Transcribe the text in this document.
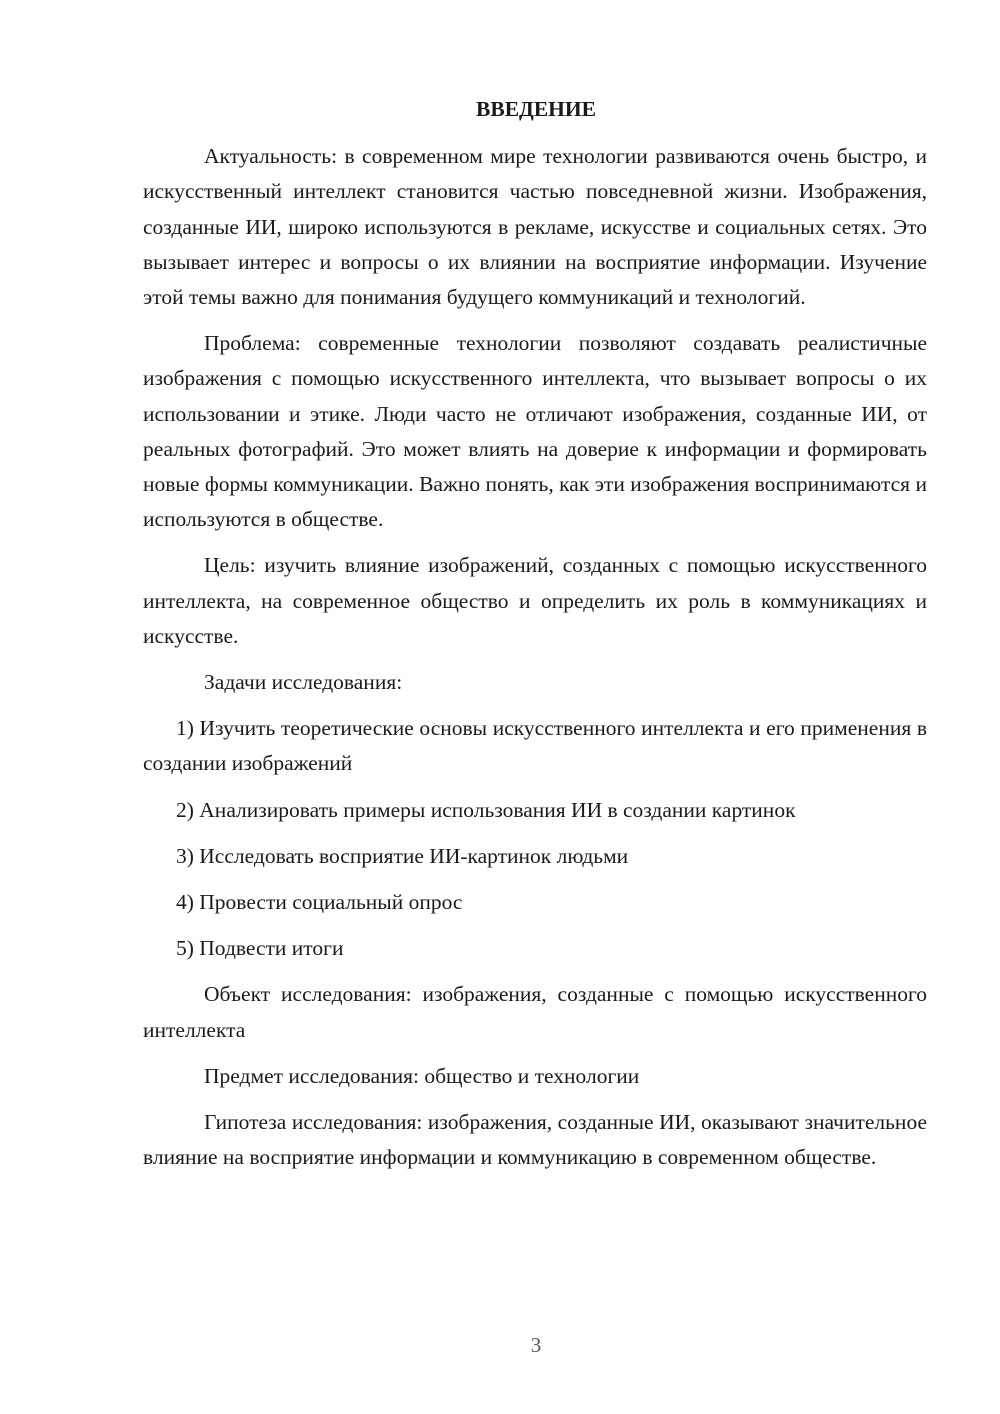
ВВЕДЕНИЕ

Актуальность: в современном мире технологии развиваются очень быстро, и искусственный интеллект становится частью повседневной жизни. Изображения, созданные ИИ, широко используются в рекламе, искусстве и социальных сетях. Это вызывает интерес и вопросы о их влиянии на восприятие информации. Изучение этой темы важно для понимания будущего коммуникаций и технологий.

Проблема: современные технологии позволяют создавать реалистичные изображения с помощью искусственного интеллекта, что вызывает вопросы о их использовании и этике. Люди часто не отличают изображения, созданные ИИ, от реальных фотографий. Это может влиять на доверие к информации и формировать новые формы коммуникации. Важно понять, как эти изображения воспринимаются и используются в обществе.

Цель: изучить влияние изображений, созданных с помощью искусственного интеллекта, на современное общество и определить их роль в коммуникациях и искусстве.

Задачи исследования:

1) Изучить теоретические основы искусственного интеллекта и его применения в создании изображений

2) Анализировать примеры использования ИИ в создании картинок

3) Исследовать восприятие ИИ-картинок людьми

4) Провести социальный опрос

5) Подвести итоги

Объект исследования: изображения, созданные с помощью искусственного интеллекта

Предмет исследования: общество и технологии

Гипотеза исследования: изображения, созданные ИИ, оказывают значительное влияние на восприятие информации и коммуникацию в современном обществе.

3
